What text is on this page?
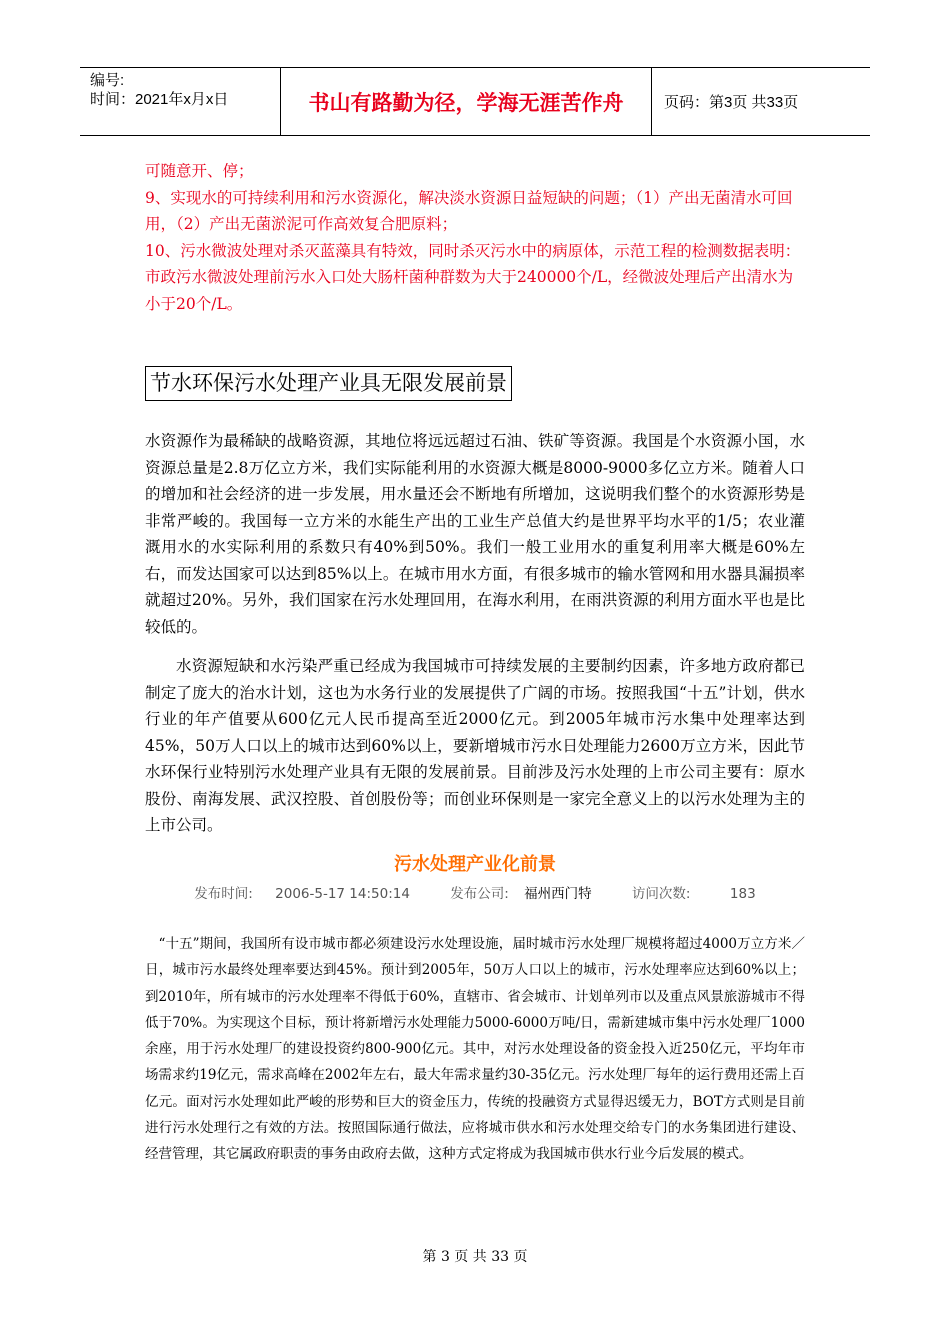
编号:
时间：2021年x月x日	书山有路勤为径，学海无涯苦作舟	页码：第3页 共33页

可随意开、停；

9、实现水的可持续利用和污水资源化，解决淡水资源日益短缺的问题；（1）产出无菌清水可回用，（2）产出无菌淤泥可作高效复合肥原料；

10、污水微波处理对杀灭蓝藻具有特效，同时杀灭污水中的病原体，示范工程的检测数据表明：市政污水微波处理前污水入口处大肠杆菌种群数为大于240000个/L，经微波处理后产出清水为小于20个/L。

节水环保污水处理产业具无限发展前景

水资源作为最稀缺的战略资源，其地位将远远超过石油、铁矿等资源。我国是个水资源小国，水资源总量是2.8万亿立方米，我们实际能利用的水资源大概是8000-9000多亿立方米。随着人口的增加和社会经济的进一步发展，用水量还会不断地有所增加，这说明我们整个的水资源形势是非常严峻的。我国每一立方米的水能生产出的工业生产总值大约是世界平均水平的1/5；农业灌溉用水的水实际利用的系数只有40%到50%。我们一般工业用水的重复利用率大概是60%左右，而发达国家可以达到85%以上。在城市用水方面，有很多城市的输水管网和用水器具漏损率就超过20%。另外，我们国家在污水处理回用，在海水利用，在雨洪资源的利用方面水平也是比较低的。

水资源短缺和水污染严重已经成为我国城市可持续发展的主要制约因素，许多地方政府都已制定了庞大的治水计划，这也为水务行业的发展提供了广阔的市场。按照我国“十五”计划，供水行业的年产值要从600亿元人民币提高至近2000亿元。到2005年城市污水集中处理率达到45%，50万人口以上的城市达到60%以上，要新增城市污水日处理能力2600万立方米，因此节水环保行业特别污水处理产业具有无限的发展前景。目前涉及污水处理的上市公司主要有：原水股份、南海发展、武汉控股、首创股份等；而创业环保则是一家完全意义上的以污水处理为主的上市公司。

污水处理产业化前景
发布时间: 2006-5-17 14:50:14	发布公司: 福州西门特	访问次数:	183

“十五”期间，我国所有设市城市都必须建设污水处理设施，届时城市污水处理厂规模将超过4000万立方米／日，城市污水最终处理率要达到45%。预计到2005年，50万人口以上的城市，污水处理率应达到60%以上；到2010年，所有城市的污水处理率不得低于60%，直辖市、省会城市、计划单列市以及重点风景旅游城市不得低于70%。为实现这个目标，预计将新增污水处理能力5000-6000万吨/日，需新建城市集中污水处理厂1000余座，用于污水处理厂的建设投资约800-900亿元。其中，对污水处理设备的资金投入近250亿元，平均年市场需求约19亿元，需求高峰在2002年左右，最大年需求量约30-35亿元。污水处理厂每年的运行费用还需上百亿元。面对污水处理如此严峻的形势和巨大的资金压力，传统的投融资方式显得迟缓无力，BOT方式则是目前进行污水处理行之有效的方法。按照国际通行做法，应将城市供水和污水处理交给专门的水务集团进行建设、经营管理，其它属政府职责的事务由政府去做，这种方式定将成为我国城市供水行业今后发展的模式。

第 3 页 共 33 页
